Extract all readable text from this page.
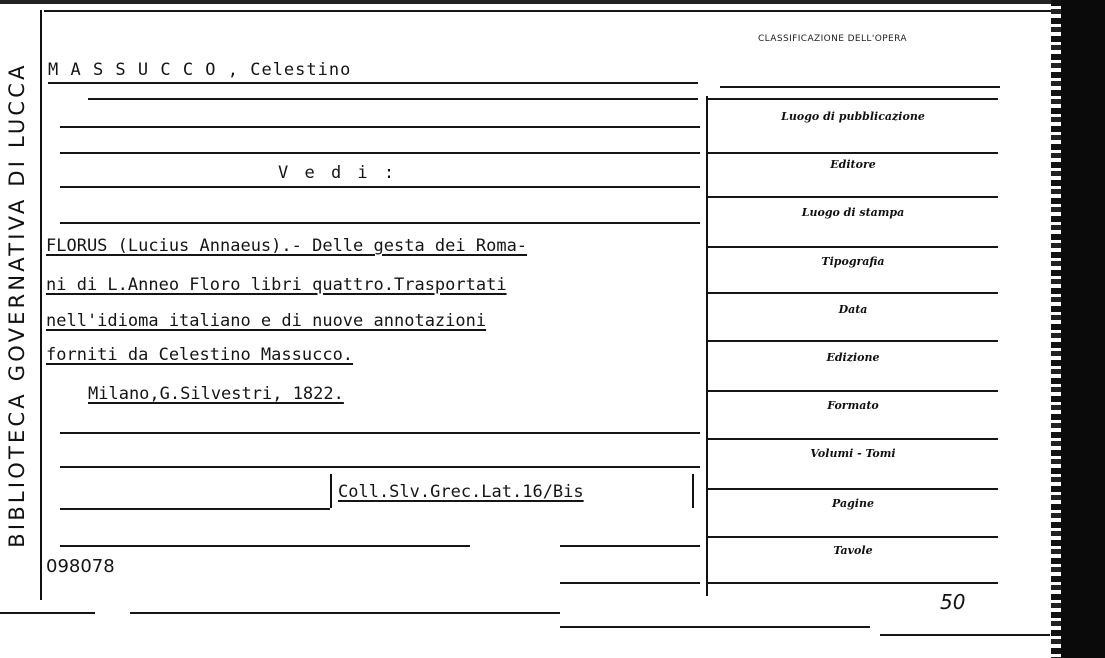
BIBLIOTECA GOVERNATIVA DI LUCCA
CLASSIFICAZIONE DELL'OPERA
M A S S U C C O , Celestino
V e d i :
FLORUS (Lucius Annaeus).- Delle gesta dei Roma-
ni di L.Anneo Floro libri quattro.Trasportati
nell'idioma italiano e di nuove annotazioni
forniti da Celestino Massucco.
Milano,G.Silvestri, 1822.
Coll.Slv.Grec.Lat.16/Bis
098078
Luogo di pubblicazione
Editore
Luogo di stampa
Tipografia
Data
Edizione
Formato
Volumi - Tomi
Pagine
Tavole
50
